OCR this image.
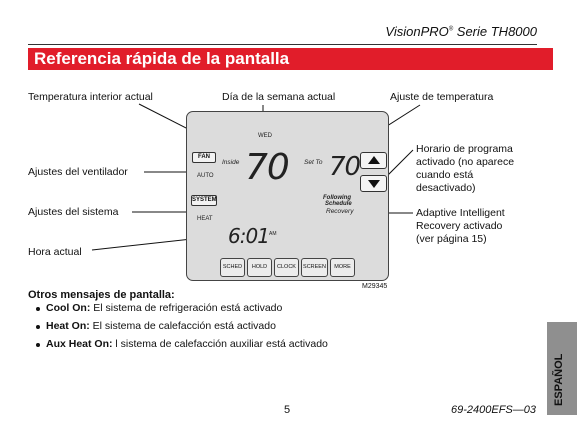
VisionPRO® Serie TH8000
Referencia rápida de la pantalla
Temperatura interior actual	Día de la semana actual	Ajuste de temperatura
Ajustes del ventilador
Ajustes del sistema
Hora actual
Horario de programa
activado (no aparece
cuando está
desactivado)
Adaptive Intelligent
Recovery activado
(ver página 15)
WED
FAN
AUTO
Inside 70 Set To 70
SYSTEM
HEAT
Following
Schedule
Recovery
6:01 AM
SCHED	HOLD	CLOCK	SCREEN	MORE
M29345
Otros mensajes de pantalla:
Cool On: El sistema de refrigeración está activado
Heat On: El sistema de calefacción está activado
Aux Heat On: l sistema de calefacción auxiliar está activado
ESPAÑOL
5	69-2400EFS—03
